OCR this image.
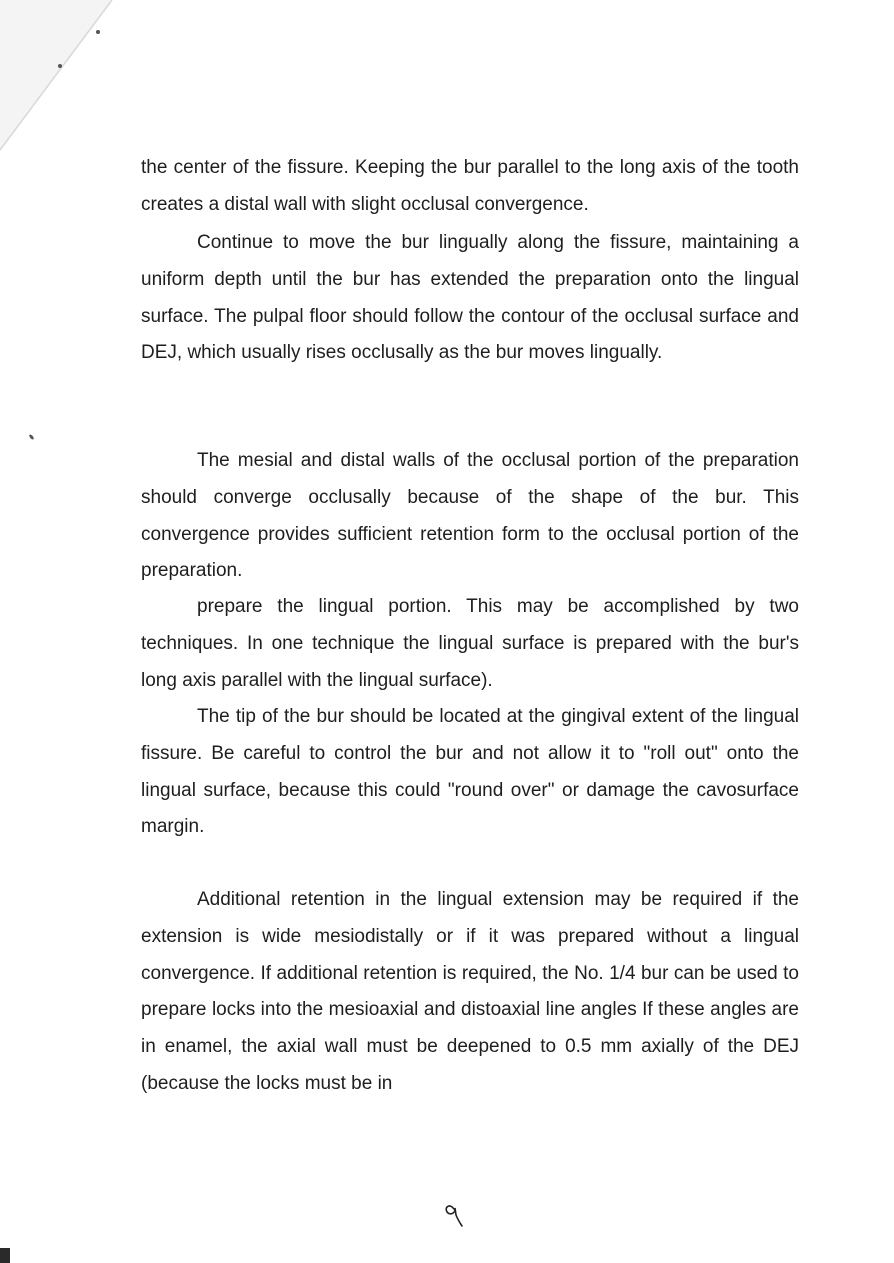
the center of the fissure. Keeping the bur parallel to the long axis of the tooth creates a distal wall with slight occlusal convergence.

Continue to move the bur lingually along the fissure, maintaining a uniform depth until the bur has extended the preparation onto the lingual surface. The pulpal floor should follow the contour of the occlusal surface and DEJ, which usually rises occlusally as the bur moves lingually.

The mesial and distal walls of the occlusal portion of the preparation should converge occlusally because of the shape of the bur. This convergence provides sufficient retention form to the occlusal portion of the preparation.

prepare the lingual portion. This may be accomplished by two techniques. In one technique the lingual surface is prepared with the bur's long axis parallel with the lingual surface).

The tip of the bur should be located at the gingival extent of the lingual fissure. Be careful to control the bur and not allow it to "roll out" onto the lingual surface, because this could "round over" or damage the cavosurface margin.

Additional retention in the lingual extension may be required if the extension is wide mesiodistally or if it was prepared without a lingual convergence. If additional retention is required, the No. 1/4 bur can be used to prepare locks into the mesioaxial and distoaxial line angles If these angles are in enamel, the axial wall must be deepened to 0.5 mm axially of the DEJ (because the locks must be in
